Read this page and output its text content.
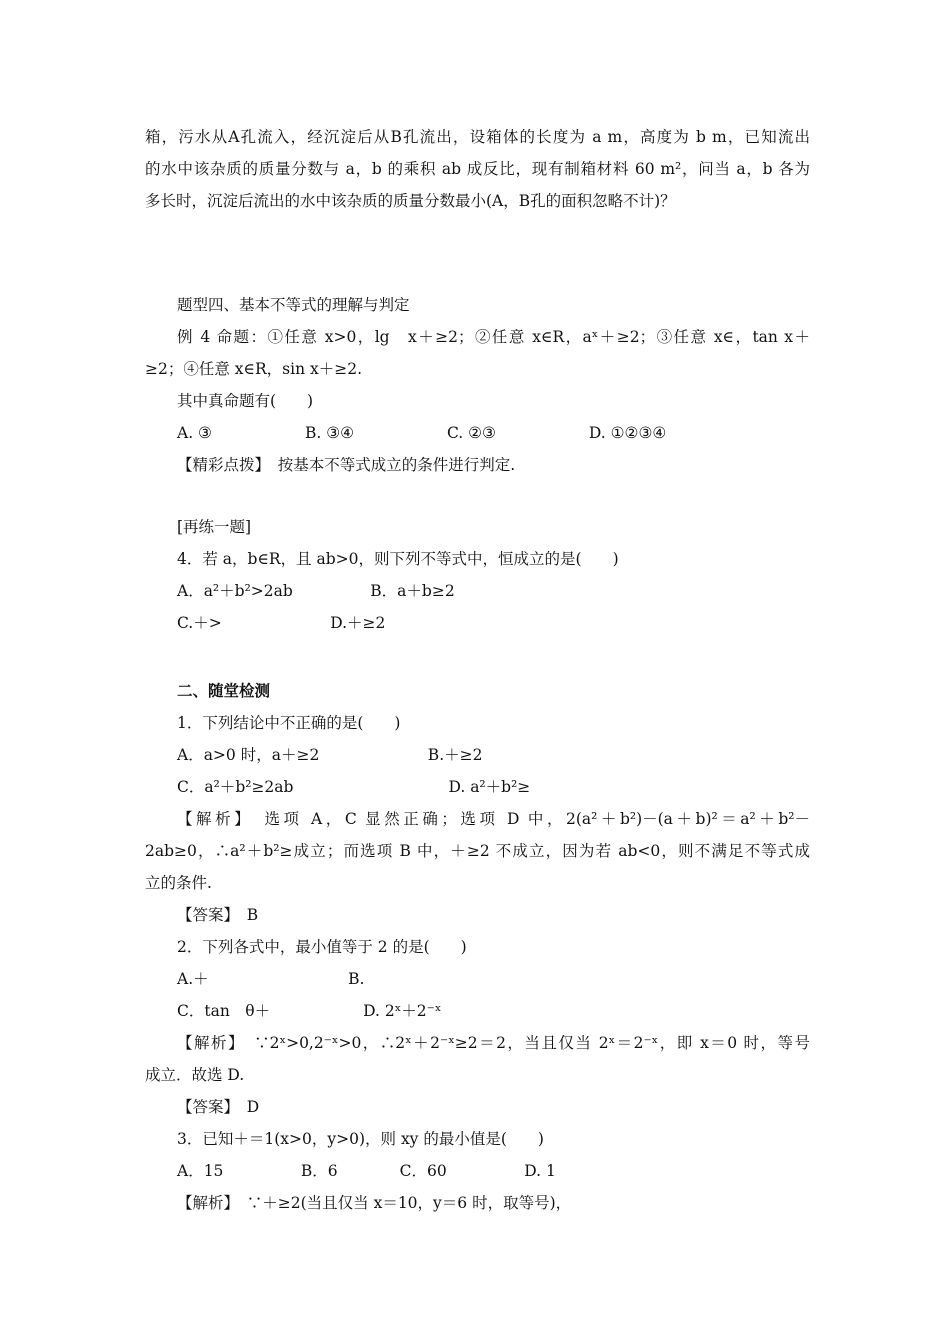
箱，污水从A孔流入，经沉淀后从B孔流出，设箱体的长度为 a m，高度为 b m，已知流出
的水中该杂质的质量分数与 a，b 的乘积 ab 成反比，现有制箱材料 60 m²，问当 a，b 各为
多长时，沉淀后流出的水中该杂质的质量分数最小(A，B孔的面积忽略不计)？
题型四、基本不等式的理解与判定
例 4 命题：①任意 x>0，lg　x＋≥2；②任意 x∈R，aˣ＋≥2；③任意 x∈，tan x＋
≥2；④任意 x∈R，sin x＋≥2.
其中真命题有(　　)
A. ③　　　　　　B. ③④　　　　　　C. ②③　　　　　　D. ①②③④
【精彩点拨】　按基本不等式成立的条件进行判定.
[再练一题]
4．若 a，b∈R，且 ab>0，则下列不等式中，恒成立的是(　　)
A．a²＋b²>2ab　　　　　B．a＋b≥2
C.＋>　　　　　　　D.＋≥2
二、随堂检测
1．下列结论中不正确的是(　　)
A．a>0 时，a＋≥2　　　　　　　B.＋≥2
C．a²＋b²≥2ab　　　　　　　　　　D. a²＋b²≥
【解析】　选项 A，C 显然正确；选项 D 中，2(a²＋b²)－(a＋b)²＝a²＋b²－
2ab≥0，∴a²＋b²≥成立；而选项 B 中，＋≥2 不成立，因为若 ab<0，则不满足不等式成
立的条件.
【答案】　B
2．下列各式中，最小值等于 2 的是(　　)
A.＋　　　　　　　　　B.
C．tan　θ＋　　　　　　D. 2ˣ＋2⁻ˣ
【解析】　∵2ˣ>0,2⁻ˣ>0，∴2ˣ＋2⁻ˣ≥2＝2，当且仅当 2ˣ＝2⁻ˣ，即 x＝0 时，等号
成立．故选 D.
【答案】　D
3．已知＋＝1(x>0，y>0)，则 xy 的最小值是(　　)
A．15　　　　　B．6　　　　C．60　　　　　D. 1
【解析】　∵＋≥2(当且仅当 x＝10，y＝6 时，取等号)，
